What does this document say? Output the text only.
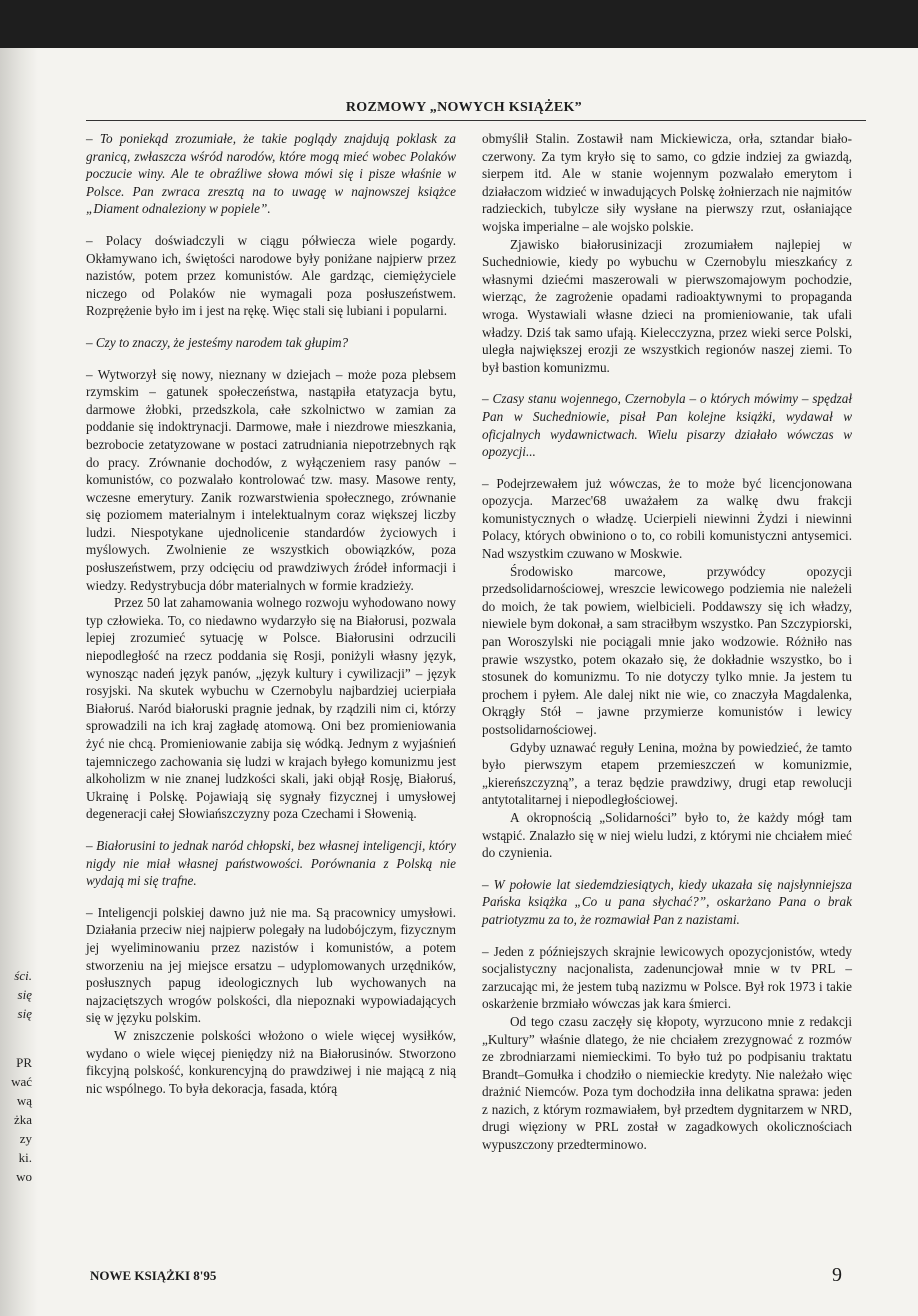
ści.
się
się
PR
wać
wą
żka
zy
ki.
wo
ROZMOWY „NOWYCH KSIĄŻEK”

– To poniekąd zrozumiałe, że takie poglądy znajdują poklask za granicą, zwłaszcza wśród narodów, które mogą mieć wobec Polaków poczucie winy. Ale te obraźliwe słowa mówi się i pisze właśnie w Polsce. Pan zwraca zresztą na to uwagę w najnowszej książce „Diament odnaleziony w popiele”.

– Polacy doświadczyli w ciągu półwiecza wiele pogardy. Okłamywano ich, świętości narodowe były poniżane najpierw przez nazistów, potem przez komunistów. Ale gardząc, ciemiężyciele niczego od Polaków nie wymagali poza posłuszeństwem. Rozprężenie było im i jest na rękę. Więc stali się lubiani i popularni.

– Czy to znaczy, że jesteśmy narodem tak głupim?

– Wytworzył się nowy, nieznany w dziejach – może poza plebsem rzymskim – gatunek społeczeństwa, nastąpiła etatyzacja bytu, darmowe żłobki, przedszkola, całe szkolnictwo w zamian za poddanie się indoktrynacji. Darmowe, małe i niezdrowe mieszkania, bezrobocie zetatyzowane w postaci zatrudniania niepotrzebnych rąk do pracy. Zrównanie dochodów, z wyłączeniem rasy panów – komunistów, co pozwalało kontrolować tzw. masy. Masowe renty, wczesne emerytury. Zanik rozwarstwienia społecznego, zrównanie się poziomem materialnym i intelektualnym coraz większej liczby ludzi. Niespotykane ujednolicenie standardów życiowych i myślowych. Zwolnienie ze wszystkich obowiązków, poza posłuszeństwem, przy odcięciu od prawdziwych źródeł informacji i wiedzy. Redystrybucja dóbr materialnych w formie kradzieży.

Przez 50 lat zahamowania wolnego rozwoju wyhodowano nowy typ człowieka. To, co niedawno wydarzyło się na Białorusi, pozwala lepiej zrozumieć sytuację w Polsce. Białorusini odrzucili niepodległość na rzecz poddania się Rosji, poniżyli własny język, wynosząc nadeń język panów, „język kultury i cywilizacji” – język rosyjski. Na skutek wybuchu w Czernobylu najbardziej ucierpiała Białoruś. Naród białoruski pragnie jednak, by rządzili nim ci, którzy sprowadzili na ich kraj zagładę atomową. Oni bez promieniowania żyć nie chcą. Promieniowanie zabija się wódką. Jednym z wyjaśnień tajemniczego zachowania się ludzi w krajach byłego komunizmu jest alkoholizm w nie znanej ludzkości skali, jaki objął Rosję, Białoruś, Ukrainę i Polskę. Pojawiają się sygnały fizycznej i umysłowej degeneracji całej Słowiańszczyzny poza Czechami i Słowenią.

– Białorusini to jednak naród chłopski, bez własnej inteligencji, który nigdy nie miał własnej państwowości. Porównania z Polską nie wydają mi się trafne.

– Inteligencji polskiej dawno już nie ma. Są pracownicy umysłowi. Działania przeciw niej najpierw polegały na ludobójczym, fizycznym jej wyeliminowaniu przez nazistów i komunistów, a potem stworzeniu na jej miejsce ersatzu – udyplomowanych urzędników, posłusznych papug ideologicznych lub wychowanych na najzaciętszych wrogów polskości, dla niepoznaki wypowiadających się w języku polskim.

W zniszczenie polskości włożono o wiele więcej wysiłków, wydano o wiele więcej pieniędzy niż na Białorusinów. Stworzono fikcyjną polskość, konkurencyjną do prawdziwej i nie mającą z nią nic wspólnego. To była dekoracja, fasada, którą

obmyślił Stalin. Zostawił nam Mickiewicza, orła, sztandar biało-czerwony. Za tym kryło się to samo, co gdzie indziej za gwiazdą, sierpem itd. Ale w stanie wojennym pozwalało emerytom i działaczom widzieć w inwadujących Polskę żołnierzach nie najmitów radzieckich, tubylcze siły wysłane na pierwszy rzut, osłaniające wojska imperialne – ale wojsko polskie.

Zjawisko białorusinizacji zrozumiałem najlepiej w Suchedniowie, kiedy po wybuchu w Czernobylu mieszkańcy z własnymi dziećmi maszerowali w pierwszomajowym pochodzie, wierząc, że zagrożenie opadami radioaktywnymi to propaganda wroga. Wystawiali własne dzieci na promieniowanie, tak ufali władzy. Dziś tak samo ufają. Kielecczyzna, przez wieki serce Polski, uległa największej erozji ze wszystkich regionów naszej ziemi. To był bastion komunizmu.

– Czasy stanu wojennego, Czernobyla – o których mówimy – spędzał Pan w Suchedniowie, pisał Pan kolejne książki, wydawał w oficjalnych wydawnictwach. Wielu pisarzy działało wówczas w opozycji...

– Podejrzewałem już wówczas, że to może być licencjonowana opozycja. Marzec'68 uważałem za walkę dwu frakcji komunistycznych o władzę. Ucierpieli niewinni Żydzi i niewinni Polacy, których obwiniono o to, co robili komunistyczni antysemici. Nad wszystkim czuwano w Moskwie.

Środowisko marcowe, przywódcy opozycji przedsolidarnościowej, wreszcie lewicowego podziemia nie należeli do moich, że tak powiem, wielbicieli. Poddawszy się ich władzy, niewiele bym dokonał, a sam straciłbym wszystko. Pan Szczypiorski, pan Woroszylski nie pociągali mnie jako wodzowie. Różniło nas prawie wszystko, potem okazało się, że dokładnie wszystko, bo i stosunek do komunizmu. To nie dotyczy tylko mnie. Ja jestem tu prochem i pyłem. Ale dalej nikt nie wie, co znaczyła Magdalenka, Okrągły Stół – jawne przymierze komunistów i lewicy postsolidarnościowej.

Gdyby uznawać reguły Lenina, można by powiedzieć, że tamto było pierwszym etapem przemieszczeń w komunizmie, „kiereńszczyzną”, a teraz będzie prawdziwy, drugi etap rewolucji antytotalitarnej i niepodległościowej.

A okropnością „Solidarności” było to, że każdy mógł tam wstąpić. Znalazło się w niej wielu ludzi, z którymi nie chciałem mieć do czynienia.

– W połowie lat siedemdziesiątych, kiedy ukazała się najsłynniejsza Pańska książka „Co u pana słychać?”, oskarżano Pana o brak patriotyzmu za to, że rozmawiał Pan z nazistami.

– Jeden z późniejszych skrajnie lewicowych opozycjonistów, wtedy socjalistyczny nacjonalista, zadenuncjował mnie w tv PRL – zarzucając mi, że jestem tubą nazizmu w Polsce. Był rok 1973 i takie oskarżenie brzmiało wówczas jak kara śmierci.

Od tego czasu zaczęły się kłopoty, wyrzucono mnie z redakcji „Kultury” właśnie dlatego, że nie chciałem zrezygnować z rozmów ze zbrodniarzami niemieckimi. To było tuż po podpisaniu traktatu Brandt–Gomułka i chodziło o niemieckie kredyty. Nie należało więc drażnić Niemców. Poza tym dochodziła inna delikatna sprawa: jeden z nazich, z którym rozmawiałem, był przedtem dygnitarzem w NRD, drugi więziony w PRL został w zagadkowych okolicznościach wypuszczony przedterminowo.

NOWE KSIĄŻKI 8'95	9
